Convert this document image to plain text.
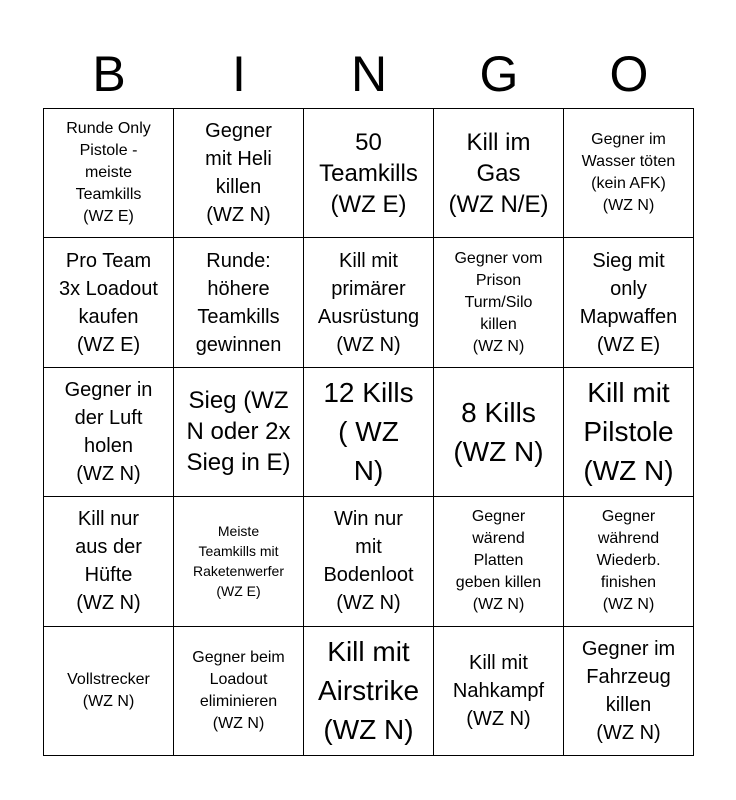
B	I	N	G	O
Runde Only
Pistole -
meiste
Teamkills
(WZ E)	Gegner
mit Heli
killen
(WZ N)	50
Teamkills
(WZ E)	Kill im
Gas
(WZ N/E)	Gegner im
Wasser töten
(kein AFK)
(WZ N)

Pro Team
3x Loadout
kaufen
(WZ E)	Runde:
höhere
Teamkills
gewinnen	Kill mit
primärer
Ausrüstung
(WZ N)	Gegner vom
Prison
Turm/Silo
killen
(WZ N)	Sieg mit
only
Mapwaffen
(WZ E)

Gegner in
der Luft
holen
(WZ N)	Sieg (WZ
N oder 2x
Sieg in E)	12 Kills
( WZ
N)	8 Kills
(WZ N)	Kill mit
Pilstole
(WZ N)

Kill nur
aus der
Hüfte
(WZ N)	Meiste
Teamkills mit
Raketenwerfer
(WZ E)	Win nur
mit
Bodenloot
(WZ N)	Gegner
wärend
Platten
geben killen
(WZ N)	Gegner
während
Wiederb.
finishen
(WZ N)

Vollstrecker
(WZ N)	Gegner beim
Loadout
eliminieren
(WZ N)	Kill mit
Airstrike
(WZ N)	Kill mit
Nahkampf
(WZ N)	Gegner im
Fahrzeug
killen
(WZ N)
